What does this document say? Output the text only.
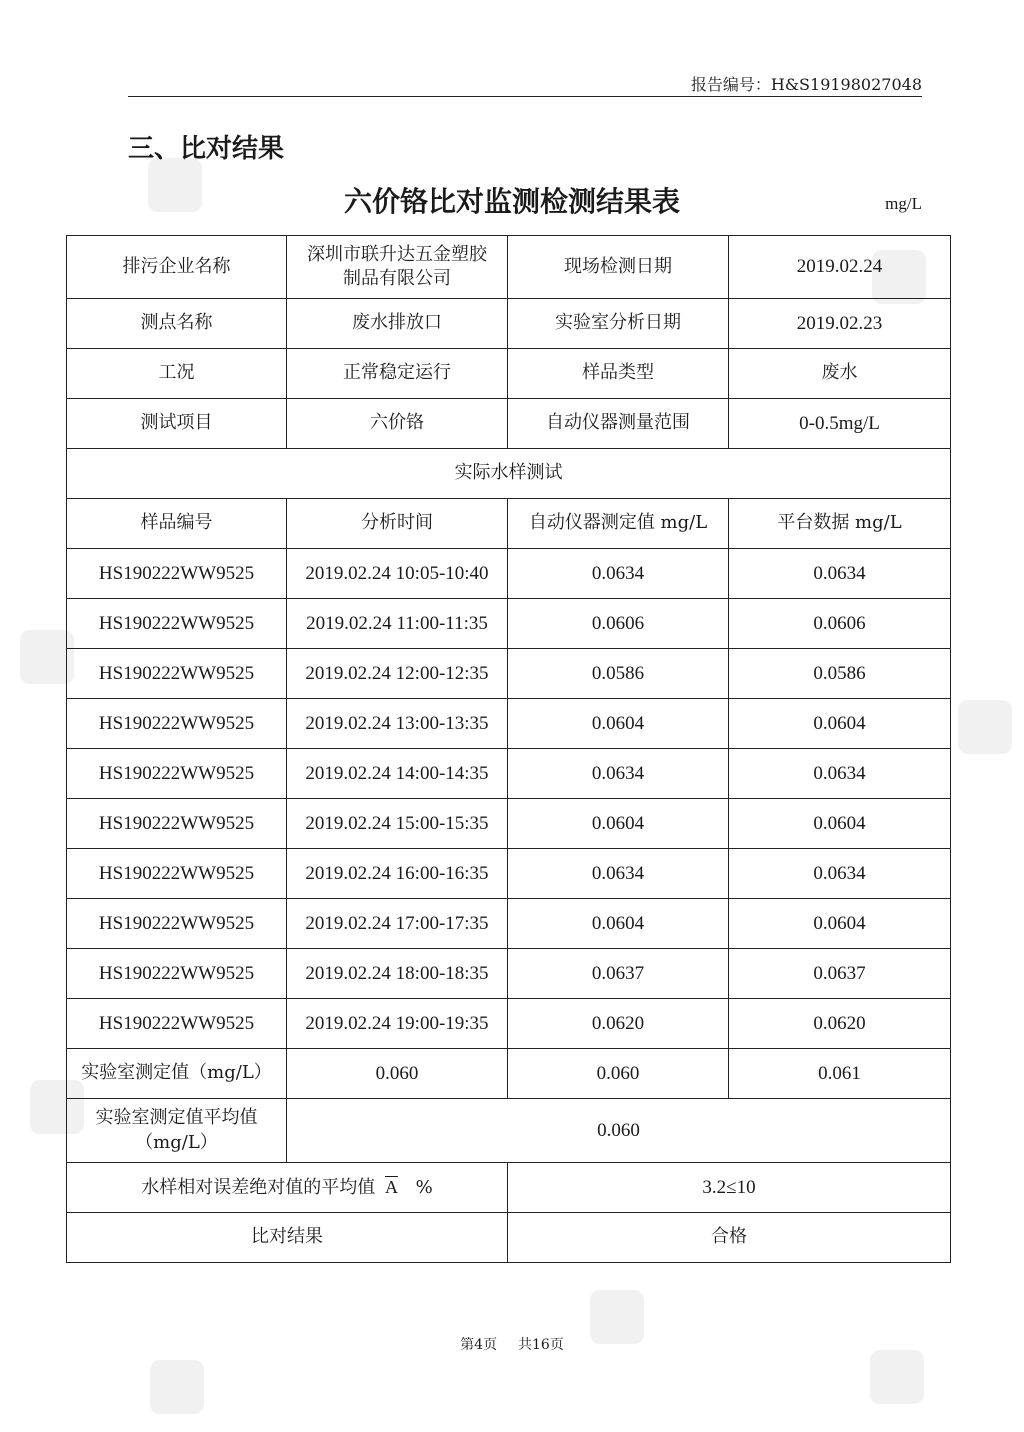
报告编号：H&S19198027048
三、比对结果
六价铬比对监测检测结果表	mg/L
排污企业名称	深圳市联升达五金塑胶制品有限公司	现场检测日期	2019.02.24
测点名称	废水排放口	实验室分析日期	2019.02.23
工况	正常稳定运行	样品类型	废水
测试项目	六价铬	自动仪器测量范围	0-0.5mg/L
实际水样测试			
样品编号	分析时间	自动仪器测定值 mg/L	平台数据 mg/L
HS190222WW9525	2019.02.24 10:05-10:40	0.0634	0.0634
HS190222WW9525	2019.02.24 11:00-11:35	0.0606	0.0606
HS190222WW9525	2019.02.24 12:00-12:35	0.0586	0.0586
HS190222WW9525	2019.02.24 13:00-13:35	0.0604	0.0604
HS190222WW9525	2019.02.24 14:00-14:35	0.0634	0.0634
HS190222WW9525	2019.02.24 15:00-15:35	0.0604	0.0604
HS190222WW9525	2019.02.24 16:00-16:35	0.0634	0.0634
HS190222WW9525	2019.02.24 17:00-17:35	0.0604	0.0604
HS190222WW9525	2019.02.24 18:00-18:35	0.0637	0.0637
HS190222WW9525	2019.02.24 19:00-19:35	0.0620	0.0620
实验室测定值（mg/L）	0.060	0.060	0.061
实验室测定值平均值
（mg/L）	0.060		
水样相对误差绝对值的平均值 $\overline{A}$ %		3.2≤10	
比对结果		合格	
第4页 共16页
